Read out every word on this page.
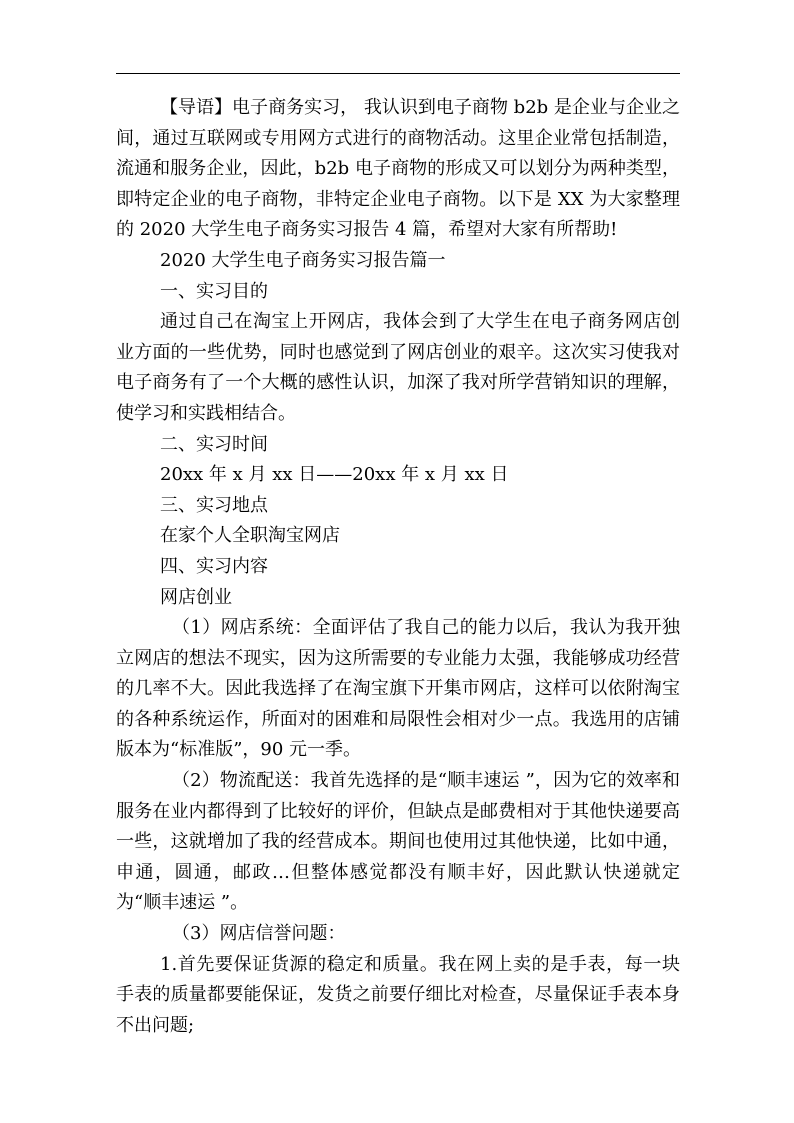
【导语】电子商务实习， 我认识到电子商物 b2b 是企业与企业之间，通过互联网或专用网方式进行的商物活动。这里企业常包括制造，流通和服务企业，因此，b2b 电子商物的形成又可以划分为两种类型，即特定企业的电子商物，非特定企业电子商物。以下是 XX 为大家整理的 2020 大学生电子商务实习报告 4 篇，希望对大家有所帮助!

2020 大学生电子商务实习报告篇一

一、实习目的

通过自己在淘宝上开网店，我体会到了大学生在电子商务网店创业方面的一些优势，同时也感觉到了网店创业的艰辛。这次实习使我对电子商务有了一个大概的感性认识，加深了我对所学营销知识的理解，使学习和实践相结合。

二、实习时间

20xx 年 x 月 xx 日——20xx 年 x 月 xx 日

三、实习地点

在家个人全职淘宝网店

四、实习内容

网店创业

（1）网店系统：全面评估了我自己的能力以后，我认为我开独立网店的想法不现实，因为这所需要的专业能力太强，我能够成功经营的几率不大。因此我选择了在淘宝旗下开集市网店，这样可以依附淘宝的各种系统运作，所面对的困难和局限性会相对少一点。我选用的店铺版本为“标准版”，90 元一季。

（2）物流配送：我首先选择的是“顺丰速运 ”，因为它的效率和服务在业内都得到了比较好的评价，但缺点是邮费相对于其他快递要高一些，这就增加了我的经营成本。期间也使用过其他快递，比如中通，申通，圆通，邮政…但整体感觉都没有顺丰好，因此默认快递就定为“顺丰速运 ”。

（3）网店信誉问题：

1.首先要保证货源的稳定和质量。我在网上卖的是手表，每一块手表的质量都要能保证，发货之前要仔细比对检查，尽量保证手表本身不出问题;
